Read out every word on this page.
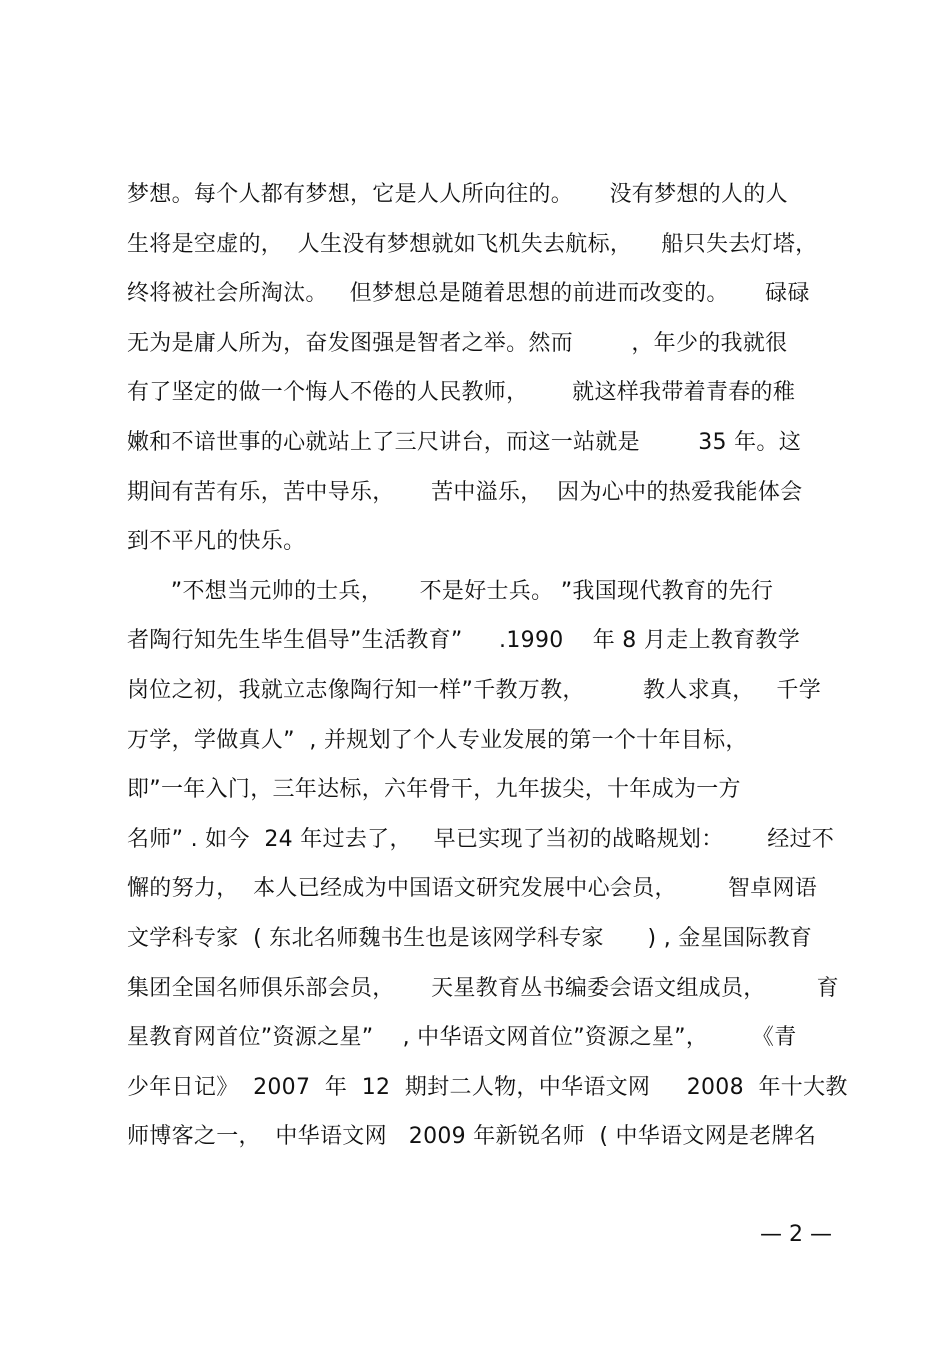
梦想。每个人都有梦想，它是人人所向往的。     没有梦想的人的人
生将是空虚的，  人生没有梦想就如飞机失去航标，    船只失去灯塔，
终将被社会所淘汰。   但梦想总是随着思想的前进而改变的。     碌碌
无为是庸人所为，奋发图强是智者之举。然而        ，年少的我就很
有了坚定的做一个悔人不倦的人民教师，      就这样我带着青春的稚
嫩和不谙世事的心就站上了三尺讲台，而这一站就是        35 年。这
期间有苦有乐，苦中导乐，     苦中溢乐，  因为心中的热爱我能体会
到不平凡的快乐。
”不想当元帅的士兵，     不是好士兵。 ”我国现代教育的先行
者陶行知先生毕生倡导”生活教育”     .1990    年 8 月走上教育教学
岗位之初，我就立志像陶行知一样”千教万教，        教人求真，   千学
万学，学做真人”  , 并规划了个人专业发展的第一个十年目标，
即”一年入门，三年达标，六年骨干，九年拔尖，十年成为一方
名师” . 如今  24 年过去了，   早已实现了当初的战略规划：      经过不
懈的努力，  本人已经成为中国语文研究发展中心会员，       智卓网语
文学科专家  ( 东北名师魏书生也是该网学科专家      ) , 金星国际教育
集团全国名师俱乐部会员，     天星教育丛书编委会语文组成员，       育
星教育网首位”资源之星”    , 中华语文网首位”资源之星”，      《青
少年日记》  2007  年  12  期封二人物，中华语文网     2008  年十大教
师博客之一，  中华语文网   2009 年新锐名师  ( 中华语文网是老牌名
— 2 —
